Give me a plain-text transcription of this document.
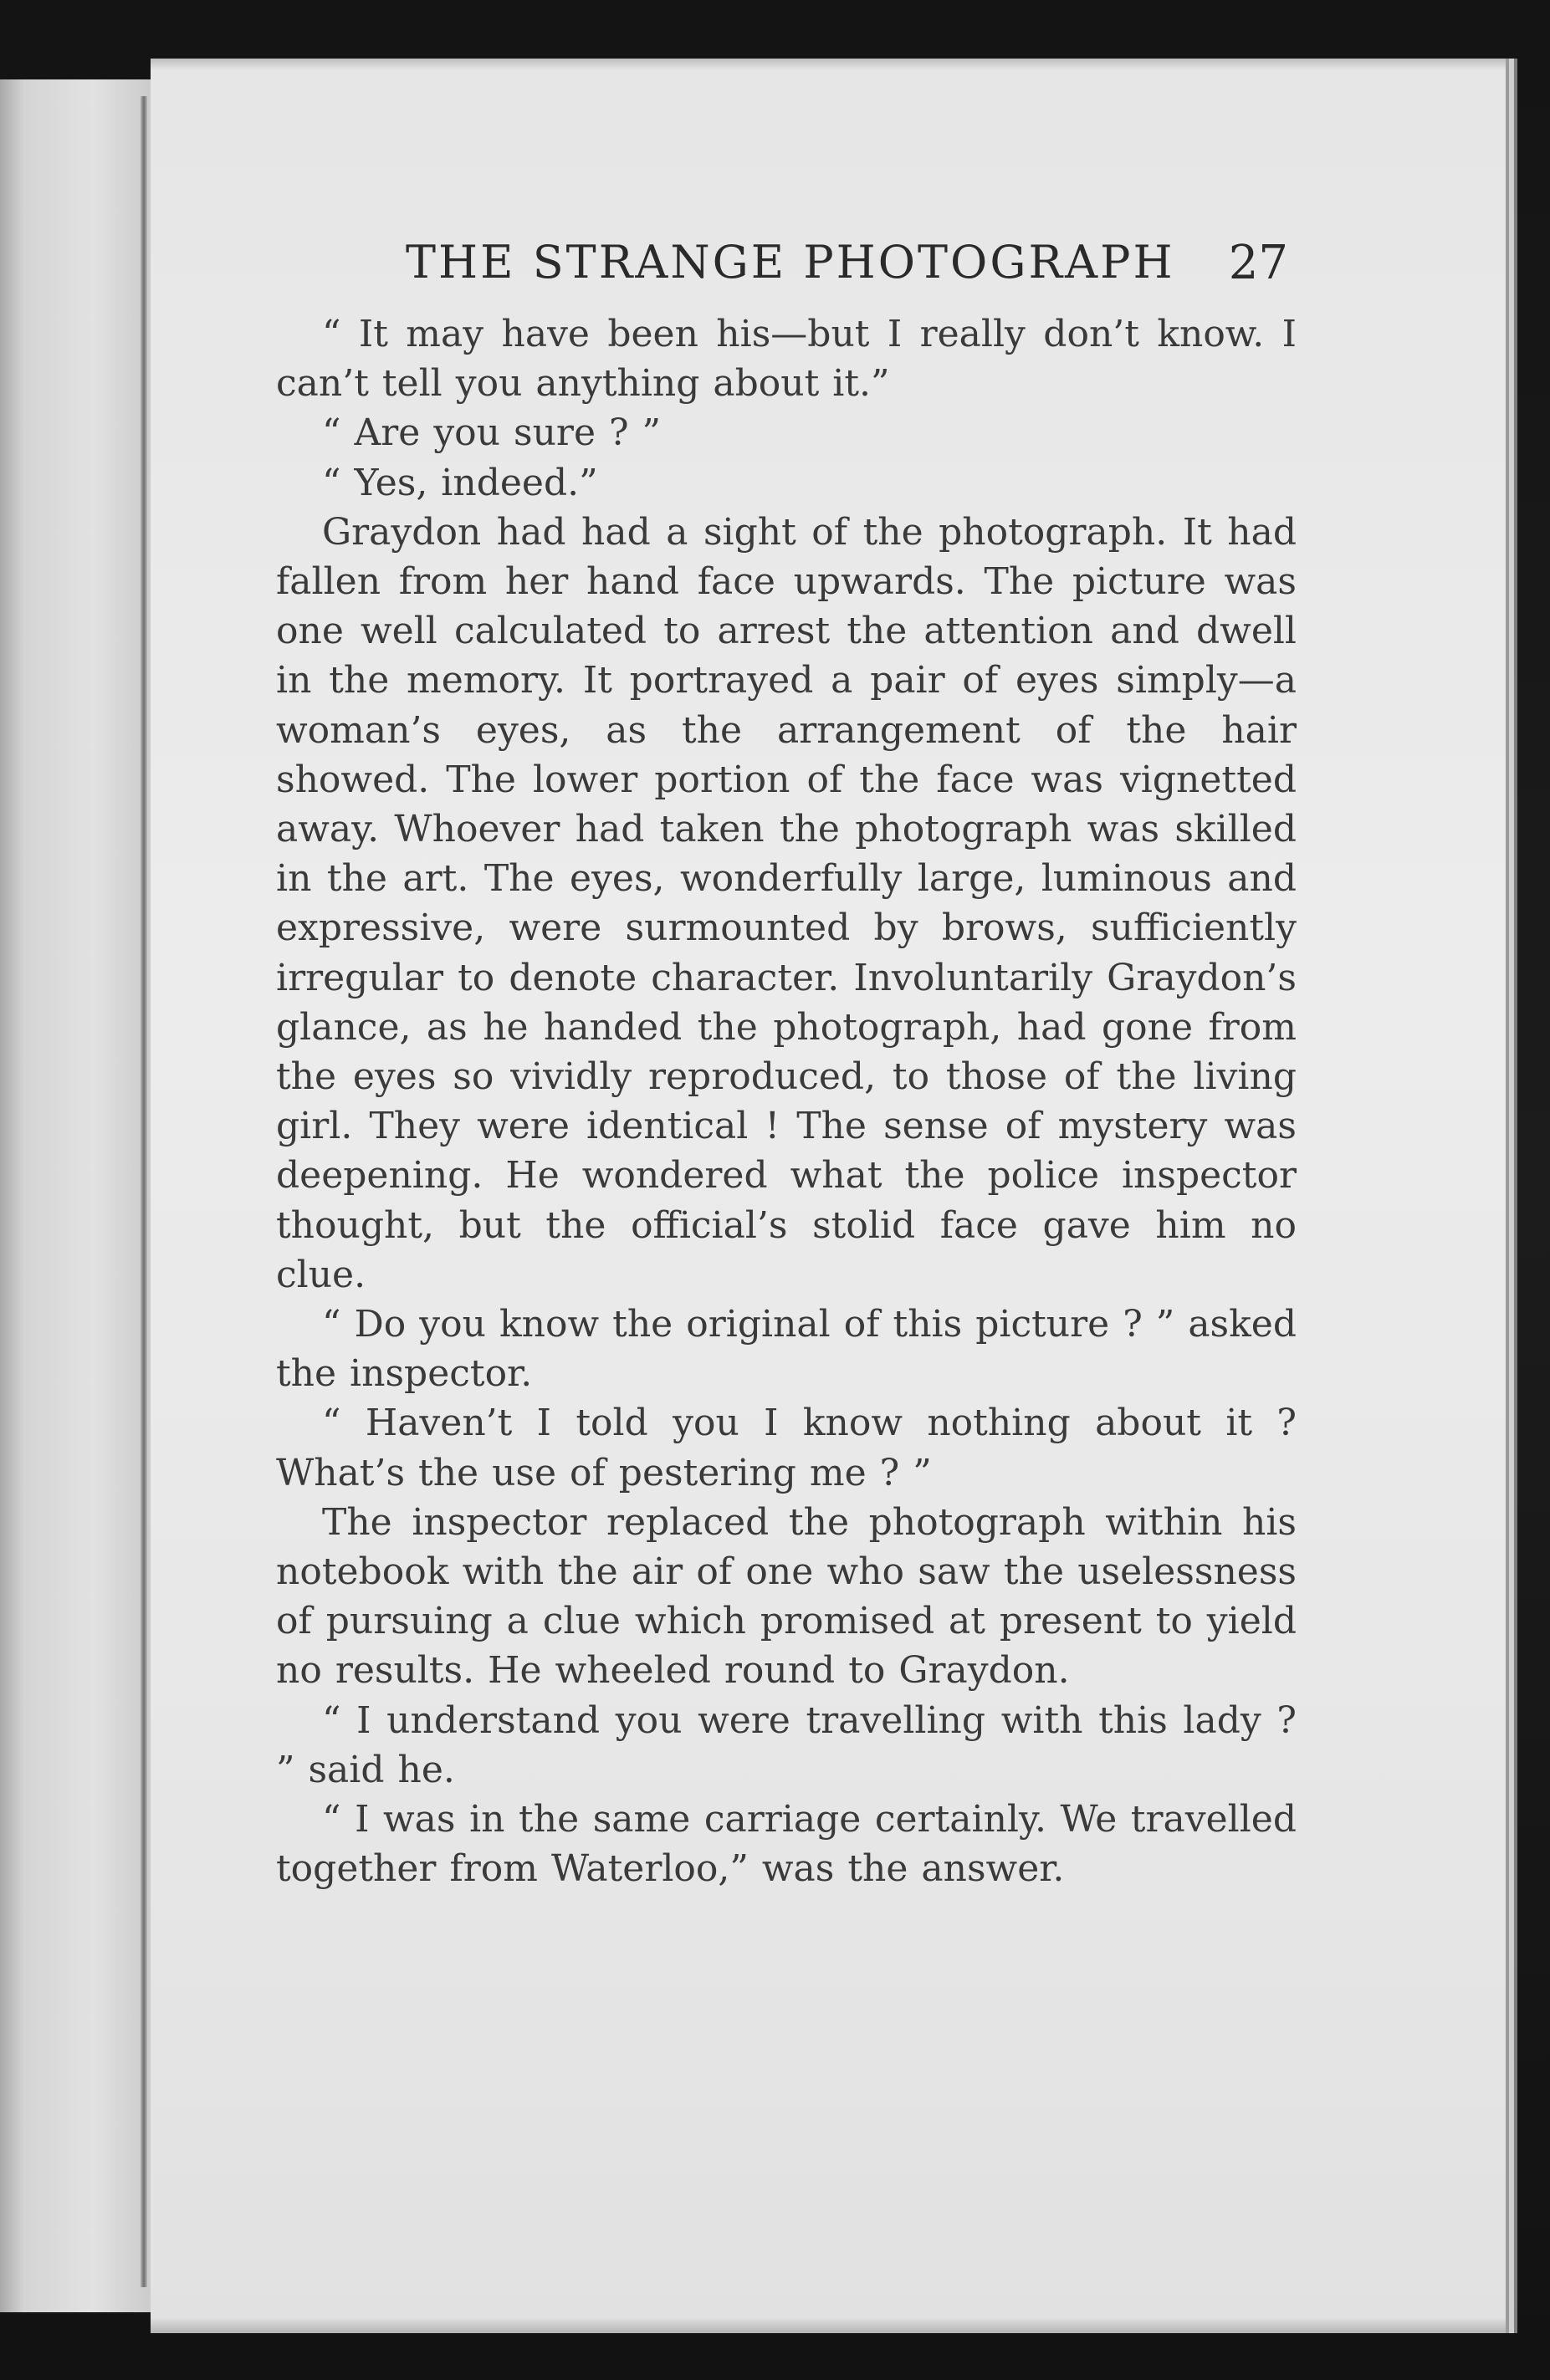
THE STRANGE PHOTOGRAPH 27

“ It may have been his—but I really don’t know. I can’t tell you anything about it.”

“ Are you sure ? ”

“ Yes, indeed.”

Graydon had had a sight of the photograph. It had fallen from her hand face upwards. The picture was one well calculated to arrest the attention and dwell in the memory. It portrayed a pair of eyes simply—a woman’s eyes, as the arrangement of the hair showed. The lower portion of the face was vignetted away. Whoever had taken the photograph was skilled in the art. The eyes, wonderfully large, luminous and expressive, were surmounted by brows, sufficiently irregular to denote character. Involuntarily Graydon’s glance, as he handed the photograph, had gone from the eyes so vividly reproduced, to those of the living girl. They were identical ! The sense of mystery was deepening. He wondered what the police inspector thought, but the official’s stolid face gave him no clue.

“ Do you know the original of this picture ? ” asked the inspector.

“ Haven’t I told you I know nothing about it ? What’s the use of pestering me ? ”

The inspector replaced the photograph within his notebook with the air of one who saw the uselessness of pursuing a clue which promised at present to yield no results. He wheeled round to Graydon.

“ I understand you were travelling with this lady ? ” said he.

“ I was in the same carriage certainly. We travelled together from Waterloo,” was the answer.
